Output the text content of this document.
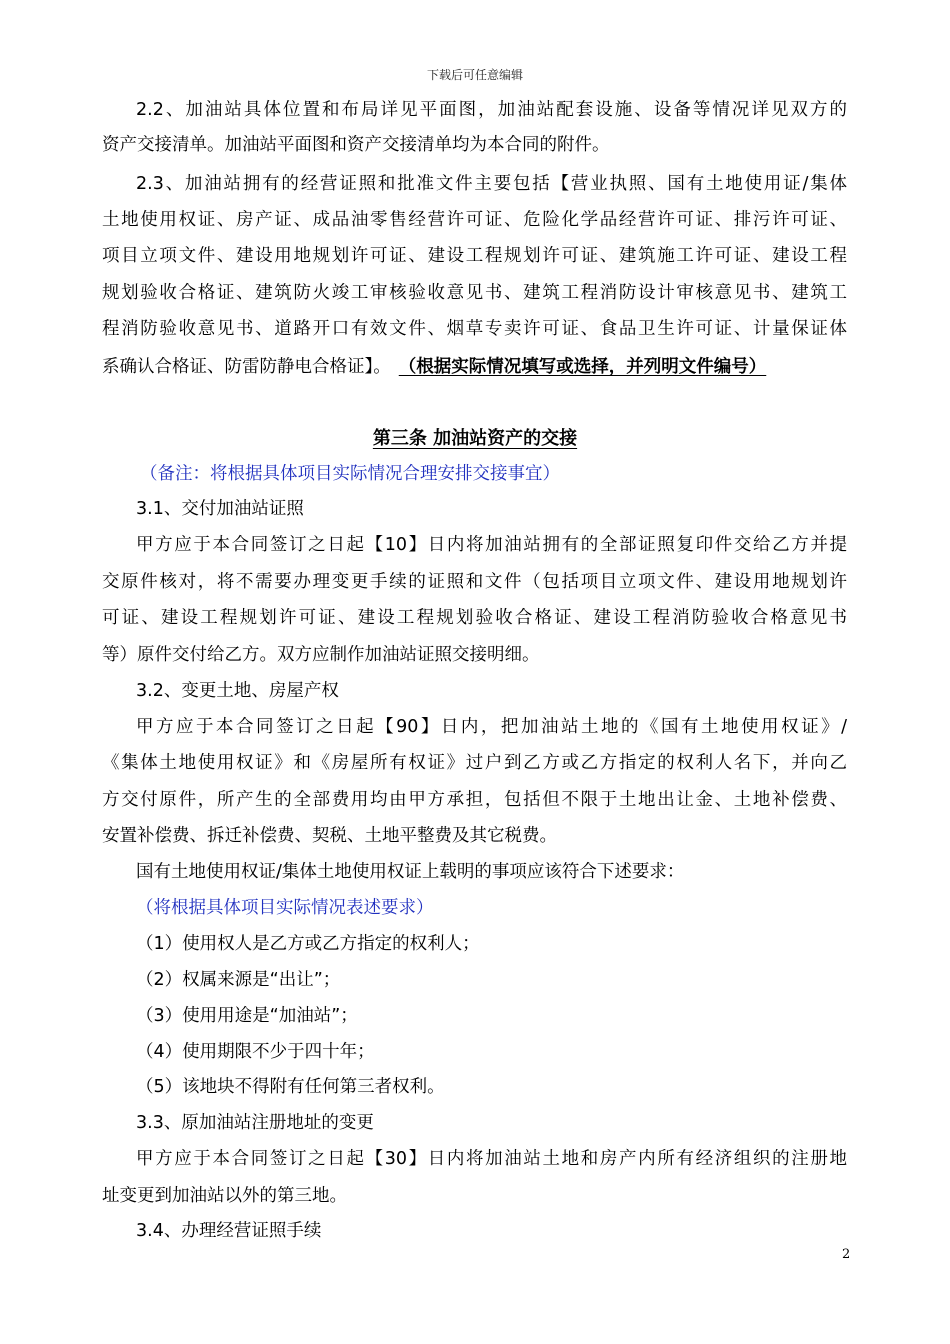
下载后可任意编辑
2.2、加油站具体位置和布局详见平面图，加油站配套设施、设备等情况详见双方的
资产交接清单。加油站平面图和资产交接清单均为本合同的附件。
2.3、加油站拥有的经营证照和批准文件主要包括【营业执照、国有土地使用证/集体
土地使用权证、房产证、成品油零售经营许可证、危险化学品经营许可证、排污许可证、
项目立项文件、建设用地规划许可证、建设工程规划许可证、建筑施工许可证、建设工程
规划验收合格证、建筑防火竣工审核验收意见书、建筑工程消防设计审核意见书、建筑工
程消防验收意见书、道路开口有效文件、烟草专卖许可证、食品卫生许可证、计量保证体
系确认合格证、防雷防静电合格证】。 （根据实际情况填写或选择，并列明文件编号）
第三条 加油站资产的交接
（备注：将根据具体项目实际情况合理安排交接事宜）
3.1、交付加油站证照
甲方应于本合同签订之日起【10】日内将加油站拥有的全部证照复印件交给乙方并提
交原件核对，将不需要办理变更手续的证照和文件（包括项目立项文件、建设用地规划许
可证、建设工程规划许可证、建设工程规划验收合格证、建设工程消防验收合格意见书
等）原件交付给乙方。双方应制作加油站证照交接明细。
3.2、变更土地、房屋产权
甲方应于本合同签订之日起【90】日内，把加油站土地的《国有土地使用权证》/
《集体土地使用权证》和《房屋所有权证》过户到乙方或乙方指定的权利人名下，并向乙
方交付原件，所产生的全部费用均由甲方承担，包括但不限于土地出让金、土地补偿费、
安置补偿费、拆迁补偿费、契税、土地平整费及其它税费。
国有土地使用权证/集体土地使用权证上载明的事项应该符合下述要求：
（将根据具体项目实际情况表述要求）
（1）使用权人是乙方或乙方指定的权利人；
（2）权属来源是“出让”；
（3）使用用途是“加油站”；
（4）使用期限不少于四十年；
（5）该地块不得附有任何第三者权利。
3.3、原加油站注册地址的变更
甲方应于本合同签订之日起【30】日内将加油站土地和房产内所有经济组织的注册地
址变更到加油站以外的第三地。
3.4、办理经营证照手续
2
